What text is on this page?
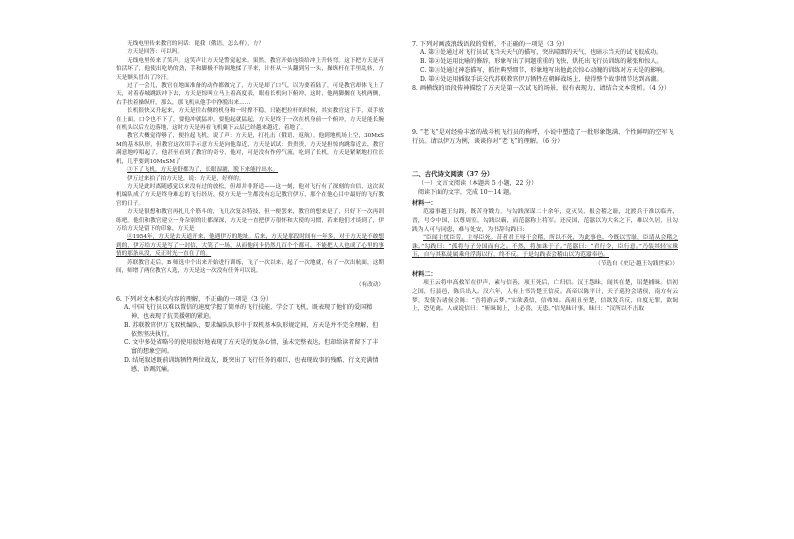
无线电里传来教官的问话：琵我（俄语，怎么样），方？

方天是回答：可以吗。

无线电里传来了笑声。这笑声让方天是警觉起来。果然，教官开始连续给冲上升转弯。这下把方天是可怕活坏了，他使出吃奶的劲，手和脚极不协调地揉了半来，计杆从一头翻到另一头，操纵杆在手里乱转，方天是额头冒出了冷汗。

过了一会儿，教官在地面准备的动作都做完了，方天是却了口气，以为要着陆了，可是教官却体飞上了天，对着春城跳跃冲下去，方天是惊叫立马上着高度表，眼看长机向下俯冲，这时，他两脚搁在飞机两侧，右手扶着操纵杆，那么，那飞机从他手中挣脱出来……

长机很快又升起来，方天是往右侧的机身和一时撑不稳，只能把拉杆的时候，其实教官这下手，双手放在上面，口令也不下了，要他冲就猛冲，要他起就猛起，方天是终于一次在机身前一个俯冲，方天是能长腕在机头以后左边落地，这时方天是再看飞机翼下云层已经越来越近，着地了。

教官大概觉得够了，便拉起飞机，说了声：方天是，打扎击（俄语，返航）。他到地机场上空，30MxSM的基本队形，但教官这次用手示意方天是向他靠近，方天是试试：贵贵贵，方天是担惊肉跳靠近去，教官满意地哼唱起了，他甚至看到了教官的奇兮，他对，可是没有作停气流，吃到了长机，方天是紧紧地打住长机，几乎要到10MxSM了

③下了飞机，方天是舒都为了，长眼湿漉，脱下来能拧出水。

伊万过来拍了拍方天是，说：方天是，好样的。

方天是此时离随感觉以来没有过的放松，但却并非舒适——这一刻，他对飞行有了深刻的自信，这次双机编队成了方天是终身难忘的飞行经历，使方天是一生都没有忘记教官伊万，那个在他心目中最好的飞行教官的日子。

方天是很想和教官再扎几个筋斗的，飞几次复杂特技，但一便罢来，教官的想来是了，只好下一次再训练吧。他们和教官建立一身杂别的让都深深，方天是一直把伊万很怀和大使的习惯，若来他们才谈到了，伊万给方天是留下的印象，方天是

④1954年，方天是去天道开来，他遇伊万的地址。后来，方天是那段时间有一年多，对于方天是不敢想到的，伊万给方天是写了一封信，大笑了一场，从而他问卡仍然几百个个都可，不能把人人也成了心里的事情的那条从没，反正时光一直在了的。

苏联教官走后，B 师选中个出来开始进行训练，飞了一次以来，起了一次地就，有了一次出航面，这期间，师增了两位教官人选，方天是这一次没有任务可以说。

（有改动）

6. 下列对文本相关内容的理解，不正确的一项是（3 分）

A. 中国飞行员以难以置信的速度学握了简单的飞行技能，学会了飞机，既表现了他们的爱国精神，也表现了抗美援朝的紧迫。

B. 苏联教官伊万飞双机编队，要求编队队形中于双机基本队形规定间，方天是并不完全理解，但依然坚决执行。

C. 文中多处省略号的使用很好地表现了方天是的复杂心情，虽未完整表达，但却给读者留下了丰富的想象空间。

D. 结尾叙述既前训练牺牲两位战友，既突出了飞行任务的艰巨，也表现故事的残酷、行文充满情感、语调沉痛。

7. 下列对画波浪线语段的赏析，不正确的一项是（3 分）

A. 第①处通过对飞行员试飞当天天气的描写，突出晴朗的天气，也暗示当天的试飞很成功。

B. 第②处运用比喻的修辞，形象写出了问题重重的飞快，烘托出飞行员训练的紧张和惊人。

C. 第③处通过神态描写，抓住典型细节，形象地写出他此次惊心动魄的训练对方天是的影响。

D. 第④处运用插叙手法交代苏联教官伊万牺牲在朝鲜战场上，使得整个故事情节达到高潮。

8. 画横线的语段传神描绘了方天是第一次试飞的场景，很有表现力，请结合文本赏析。（4 分）

9. “老飞”是对经验丰富的战斗机飞行员的称呼，小说中塑造了一批形象饱满、个性鲜明的空军飞行员。请以伊万为例，谈谈你对“老飞”的理解。（6 分）

二、古代诗文阅读（37 分）

（一）文言文阅读（本题共 5 小题，22 分）

阅读下面的文字，完成 10～14 题。

材料一：

范嚣事越王勾践，既苦身戮力，与勾践深谋二十余年，竟灭吴，报会稽之耻，北渡兵于淮以临齐、晋，号令中国，以尊周室，勾践以霸，而范嚣称上将军。还反国，范嚣以为大名之下，难以久居，且勾践为人可与同患，难与处安，为书辞勾践曰：

“臣闻主忧臣劳，主辱臣死。昔者君王辱于会稽，所以不死，为此事也。今既以雪耻，臣请从会稽之诛。”勾践曰：“孤将与子分国而有之。不然，将加诛于子。”范嚣曰：“君行令，臣行意。”乃装其轻宝珠玉，自与其私徒属乘舟浮海以行，终不反。于是勾践表会稽山以为范嚣奉邑。

（节选自《史记·越王勾践世家》）

材料二：

项王云将申高救军在伊声，素与信善，项王死后，亡归信。汉王怨昧，闻其在楚，诏楚捕昧。信初之国，行县邑，陈兵出入。汉六年，人有上书告楚王信反。高帝以陈平计，天子巡狩会诸侯，南方有云梦，发使告诸侯会陈：“吾将游云梦。”实欲袭信，信弗知。高祖且至楚，信欲发兵反，自度无罪，欲谒上，恐见禽。人或说信曰：“斩昧谒上，上必喜，无患。”信见昧计事。昧曰：“汉所以不击取
